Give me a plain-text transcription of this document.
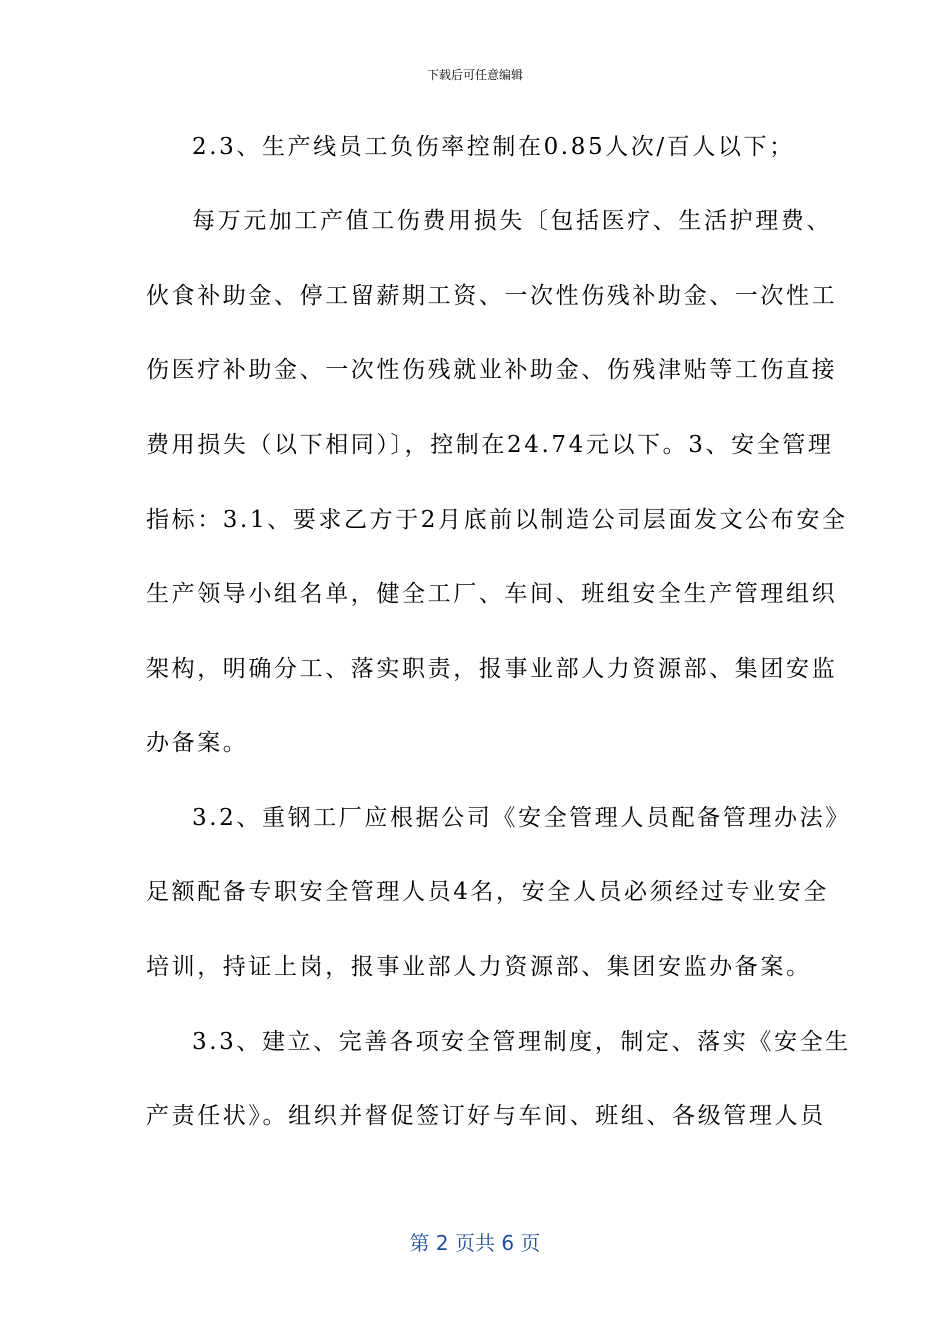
下载后可任意编辑
2.3、生产线员工负伤率控制在0.85人次/百人以下；
每万元加工产值工伤费用损失〔包括医疗、生活护理费、
伙食补助金、停工留薪期工资、一次性伤残补助金、一次性工
伤医疗补助金、一次性伤残就业补助金、伤残津贴等工伤直接
费用损失（以下相同）〕，控制在24.74元以下。3、安全管理
指标：3.1、要求乙方于2月底前以制造公司层面发文公布安全
生产领导小组名单，健全工厂、车间、班组安全生产管理组织
架构，明确分工、落实职责，报事业部人力资源部、集团安监
办备案。
3.2、重钢工厂应根据公司《安全管理人员配备管理办法》
足额配备专职安全管理人员4名，安全人员必须经过专业安全
培训，持证上岗，报事业部人力资源部、集团安监办备案。
3.3、建立、完善各项安全管理制度，制定、落实《安全生
产责任状》。组织并督促签订好与车间、班组、各级管理人员
第 2 页共 6 页
